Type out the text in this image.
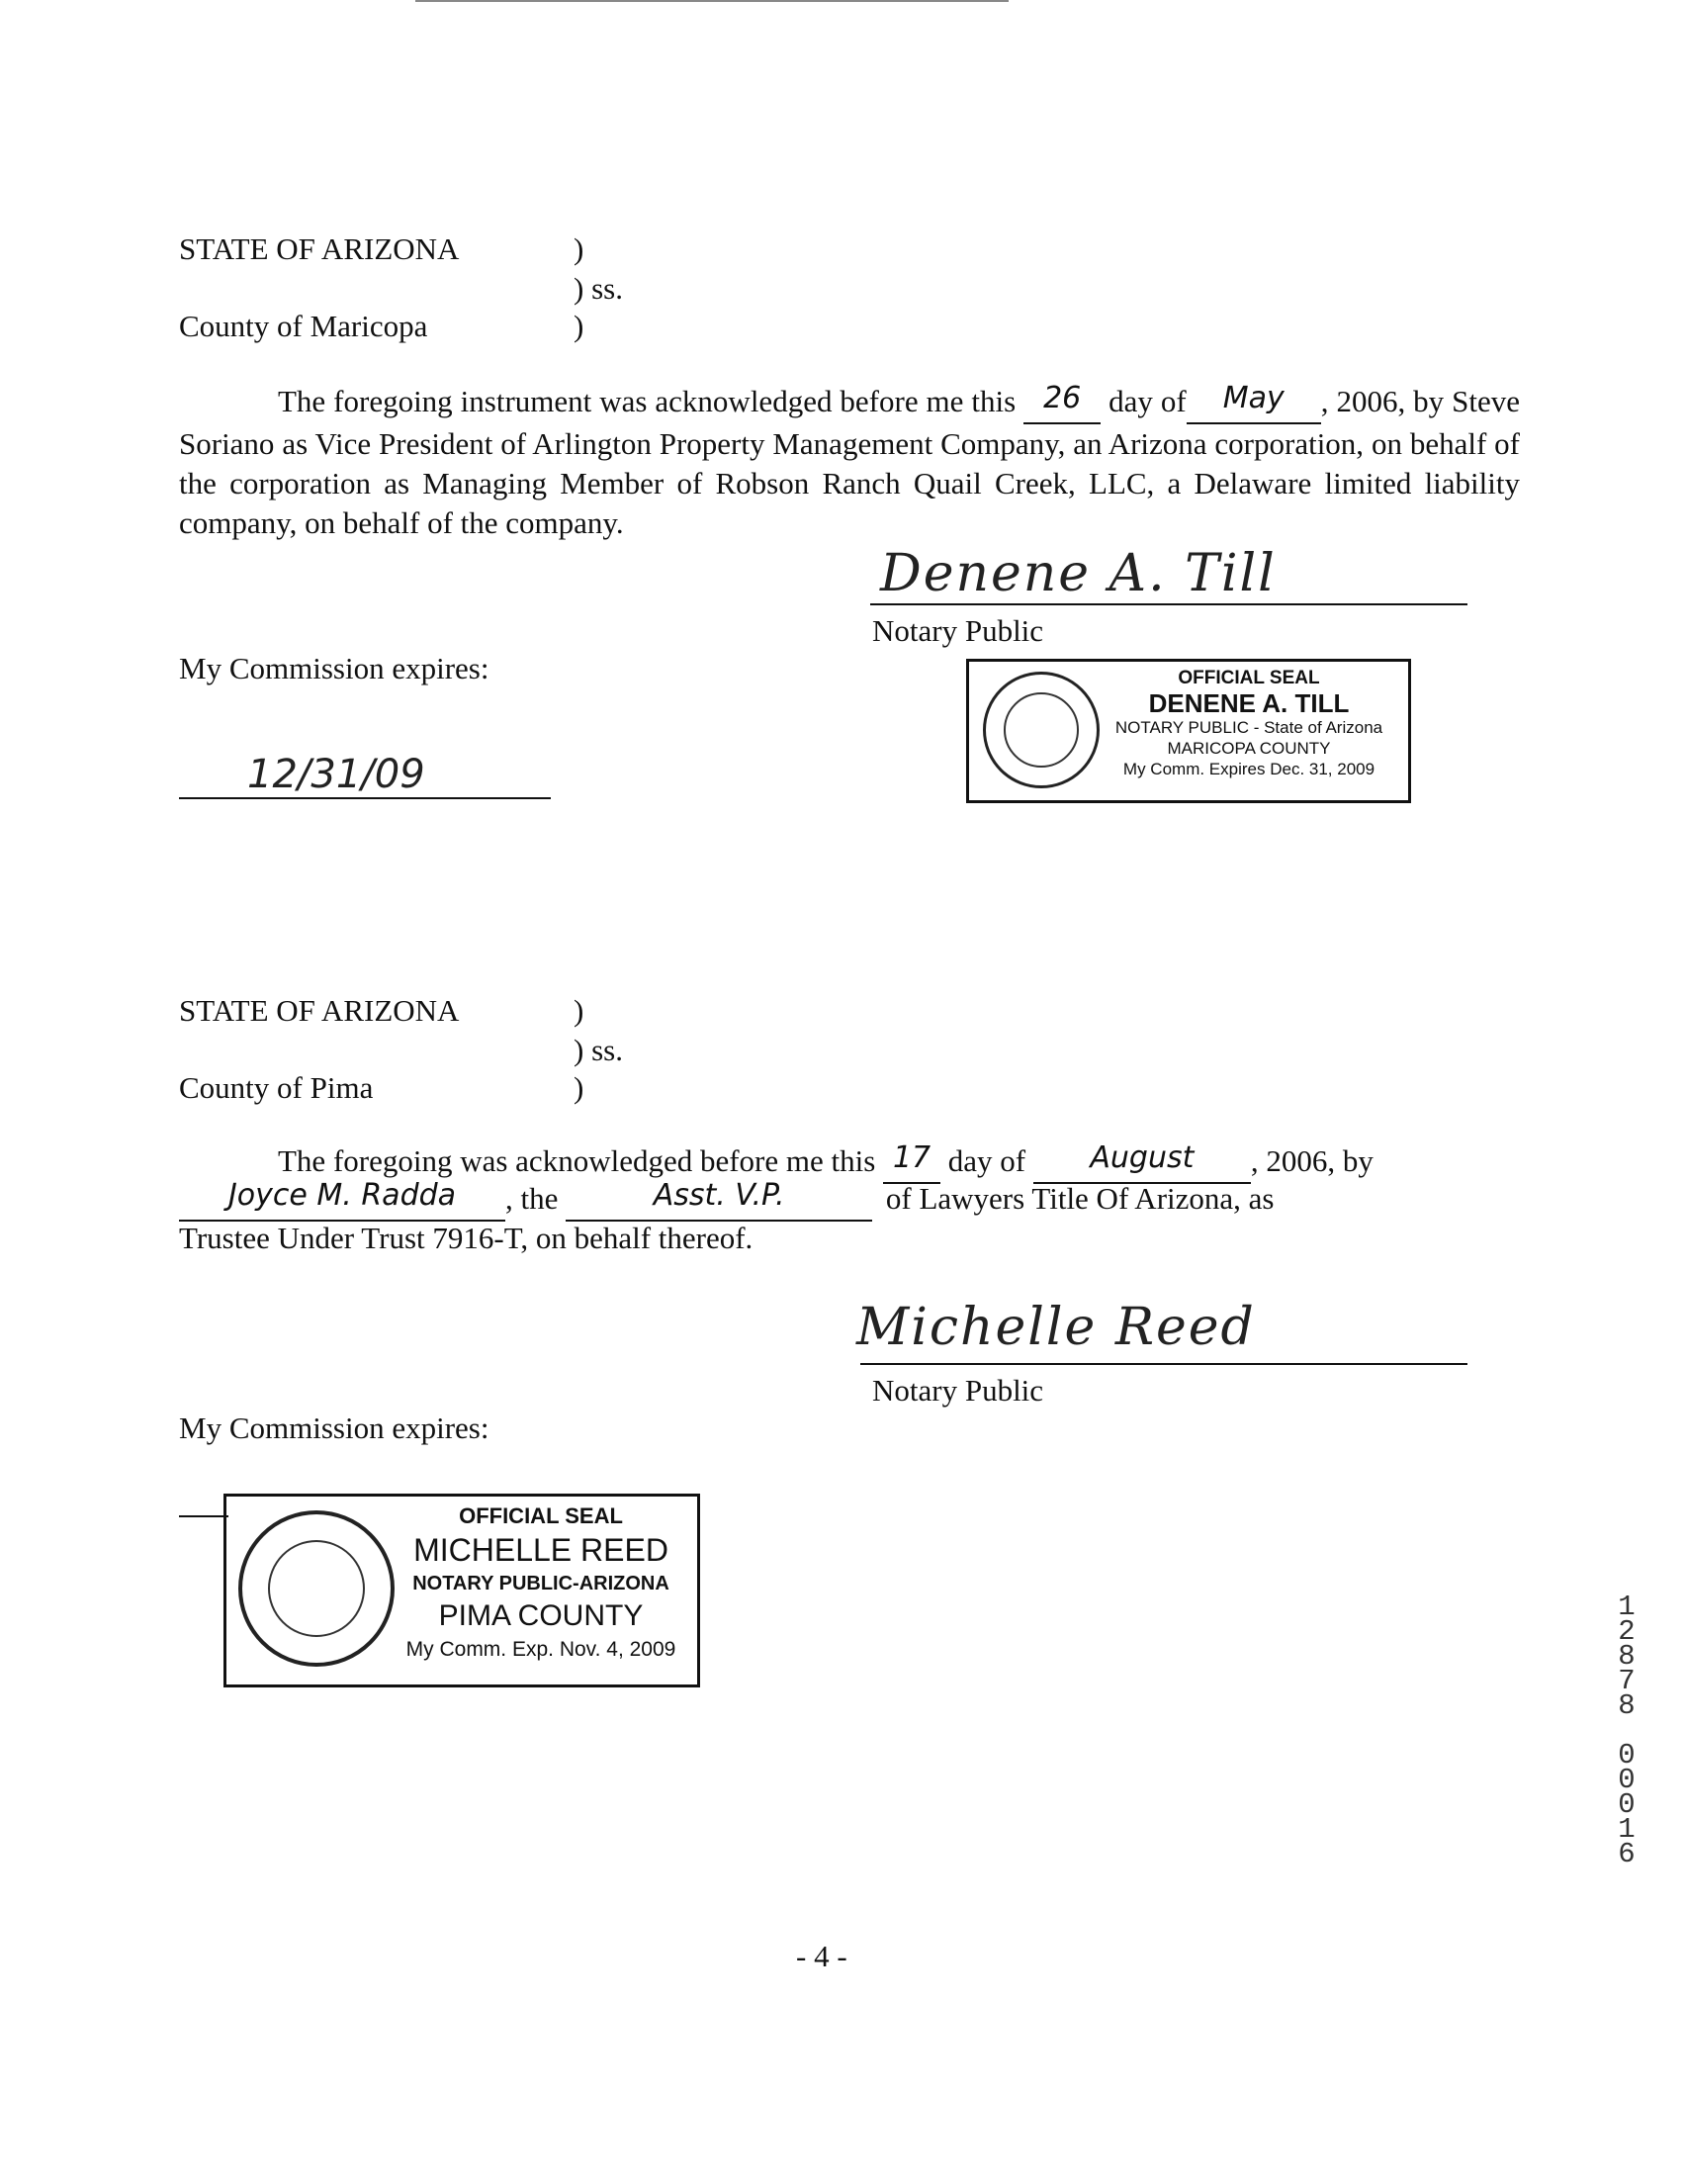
STATE OF ARIZONA	)
) ss.
County of Maricopa	)
The foregoing instrument was acknowledged before me this 26 day of May , 2006, by Steve Soriano as Vice President of Arlington Property Management Company, an Arizona corporation, on behalf of the corporation as Managing Member of Robson Ranch Quail Creek, LLC, a Delaware limited liability company, on behalf of the company.
Denene A. Till
Notary Public
My Commission expires:
12/31/09
OFFICIAL SEAL
DENENE A. TILL
NOTARY PUBLIC - State of Arizona
MARICOPA COUNTY
My Comm. Expires Dec. 31, 2009
STATE OF ARIZONA	)
) ss.
County of Pima	)
The foregoing was acknowledged before me this 17 day of August , 2006, by
Joyce M. Radda , the	Asst. V.P.	of Lawyers Title Of Arizona, as
Trustee Under Trust 7916-T, on behalf thereof.
Michelle Reed
Notary Public
My Commission expires:
OFFICIAL SEAL
MICHELLE REED
NOTARY PUBLIC-ARIZONA
PIMA COUNTY
My Comm. Exp. Nov. 4, 2009
12878
00016
- 4 -
